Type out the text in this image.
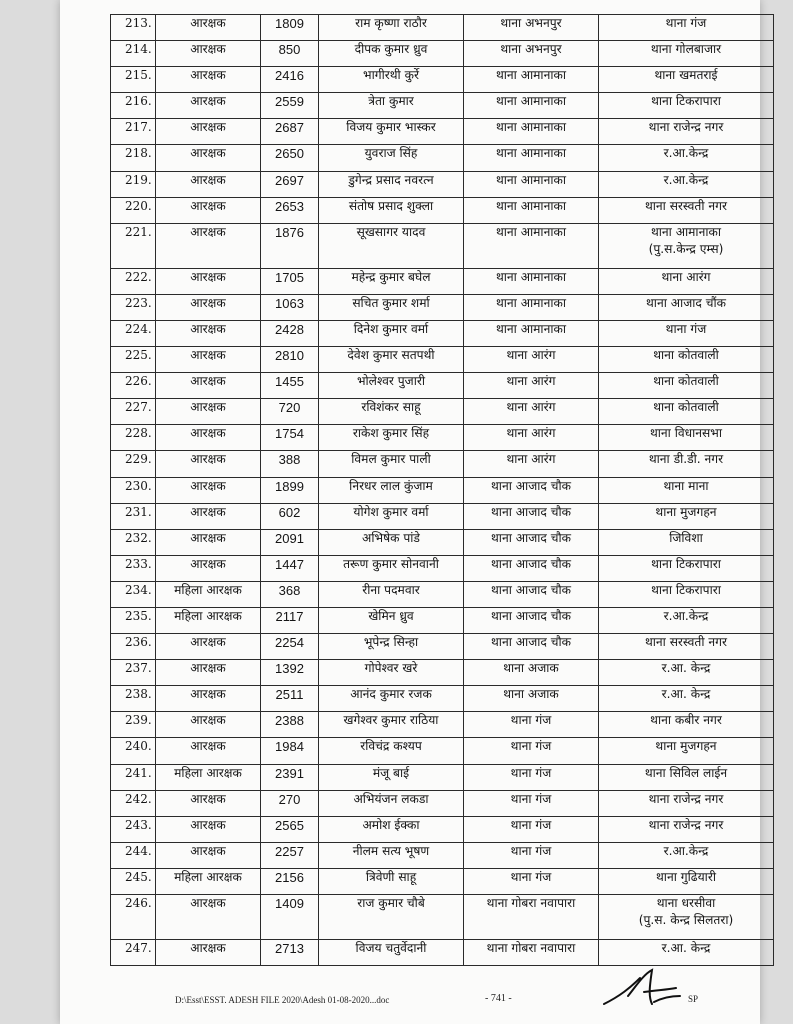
213.	आरक्षक	1809	राम कृष्णा राठौर	थाना अभनपुर	थाना गंज
214.	आरक्षक	850	दीपक कुमार ध्रुव	थाना अभनपुर	थाना गोलबाजार
215.	आरक्षक	2416	भागीरथी कुर्रे	थाना आमानाका	थाना खमतराई
216.	आरक्षक	2559	त्रेता कुमार	थाना आमानाका	थाना टिकरापारा
217.	आरक्षक	2687	विजय कुमार भास्कर	थाना आमानाका	थाना राजेन्द्र नगर
218.	आरक्षक	2650	युवराज सिंह	थाना आमानाका	र.आ.केन्द्र
219.	आरक्षक	2697	डुगेन्द्र प्रसाद नवरत्न	थाना आमानाका	र.आ.केन्द्र
220.	आरक्षक	2653	संतोष प्रसाद शुक्ला	थाना आमानाका	थाना सरस्वती नगर
221.	आरक्षक	1876	सूखसागर यादव	थाना आमानाका	थाना आमानाका
(पु.स.केन्द्र एम्स)

222.	आरक्षक	1705	महेन्द्र कुमार बघेल	थाना आमानाका	थाना आरंग
223.	आरक्षक	1063	सचित कुमार शर्मा	थाना आमानाका	थाना आजाद चौंक
224.	आरक्षक	2428	दिनेश कुमार वर्मा	थाना आमानाका	थाना गंज
225.	आरक्षक	2810	देवेश कुमार सतपथी	थाना आरंग	थाना कोतवाली
226.	आरक्षक	1455	भोलेश्वर पुजारी	थाना आरंग	थाना कोतवाली
227.	आरक्षक	720	रविशंकर साहू	थाना आरंग	थाना कोतवाली
228.	आरक्षक	1754	राकेश कुमार सिंह	थाना आरंग	थाना विधानसभा
229.	आरक्षक	388	विमल कुमार पाली	थाना आरंग	थाना डी.डी. नगर
230.	आरक्षक	1899	निरधर लाल कुंजाम	थाना आजाद चौक	थाना माना
231.	आरक्षक	602	योगेश कुमार वर्मा	थाना आजाद चौक	थाना मुजगहन
232.	आरक्षक	2091	अभिषेक पांडे	थाना आजाद चौक	जिविशा
233.	आरक्षक	1447	तरूण कुमार सोनवानी	थाना आजाद चौक	थाना टिकरापारा
234.	महिला आरक्षक	368	रीना पदमवार	थाना आजाद चौक	थाना टिकरापारा
235.	महिला आरक्षक	2117	खेमिन ध्रुव	थाना आजाद चौक	र.आ.केन्द्र
236.	आरक्षक	2254	भूपेन्द्र सिन्हा	थाना आजाद चौक	थाना सरस्वती नगर
237.	आरक्षक	1392	गोपेश्वर खरे	थाना अजाक	र.आ. केन्द्र
238.	आरक्षक	2511	आनंद कुमार रजक	थाना अजाक	र.आ. केन्द्र
239.	आरक्षक	2388	खगेश्वर कुमार राठिया	थाना गंज	थाना कबीर नगर
240.	आरक्षक	1984	रविचंद्र कश्यप	थाना गंज	थाना मुजगहन
241.	महिला आरक्षक	2391	मंजू बाई	थाना गंज	थाना सिविल लाईन
242.	आरक्षक	270	अभियंजन लकडा	थाना गंज	थाना राजेन्द्र नगर
243.	आरक्षक	2565	अमोश ईक्का	थाना गंज	थाना राजेन्द्र नगर
244.	आरक्षक	2257	नीलम सत्य भूषण	थाना गंज	र.आ.केन्द्र
245.	महिला आरक्षक	2156	त्रिवेणी साहू	थाना गंज	थाना गुढियारी
246.	आरक्षक	1409	राज कुमार चौबे	थाना गोबरा नवापारा	थाना धरसीवा
(पु.स. केन्द्र सिलतरा)

247.	आरक्षक	2713	विजय चतुर्वेदानी	थाना गोबरा नवापारा	र.आ. केन्द्र
D:\Esst\ESST. ADESH FILE 2020\Adesh 01-08-2020...doc	- 741 -	SP
